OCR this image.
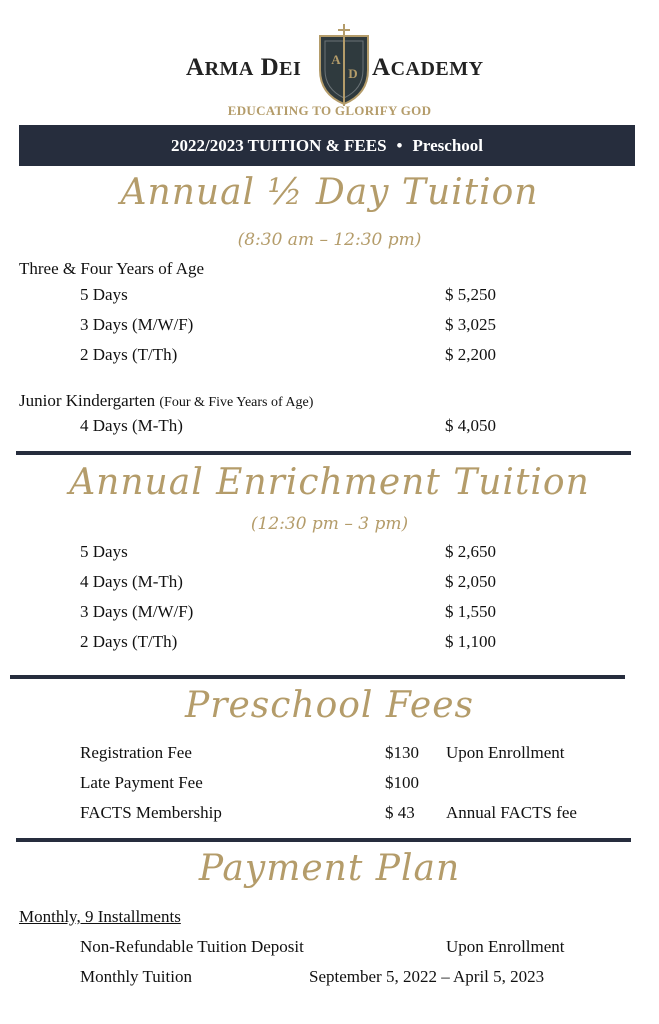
ARMA DEI A
D ACADEMY
EDUCATING TO GLORIFY GOD
2022/2023 TUITION & FEES • Preschool
Annual ½ Day Tuition
(8:30 am – 12:30 pm)
Three & Four Years of Age
5 Days	$ 5,250
3 Days (M/W/F)	$ 3,025
2 Days (T/Th)	$ 2,200
Junior Kindergarten (Four & Five Years of Age)
4 Days (M-Th)	$ 4,050
Annual Enrichment Tuition
(12:30 pm – 3 pm)
5 Days	$ 2,650
4 Days (M-Th)	$ 2,050
3 Days (M/W/F)	$ 1,550
2 Days (T/Th)	$ 1,100
Preschool Fees
Registration Fee	$130 Upon Enrollment
Late Payment Fee	$100
FACTS Membership	$ 43 Annual FACTS fee
Payment Plan
Monthly, 9 Installments
Non-Refundable Tuition Deposit	Upon Enrollment
Monthly Tuition	September 5, 2022 – April 5, 2023
